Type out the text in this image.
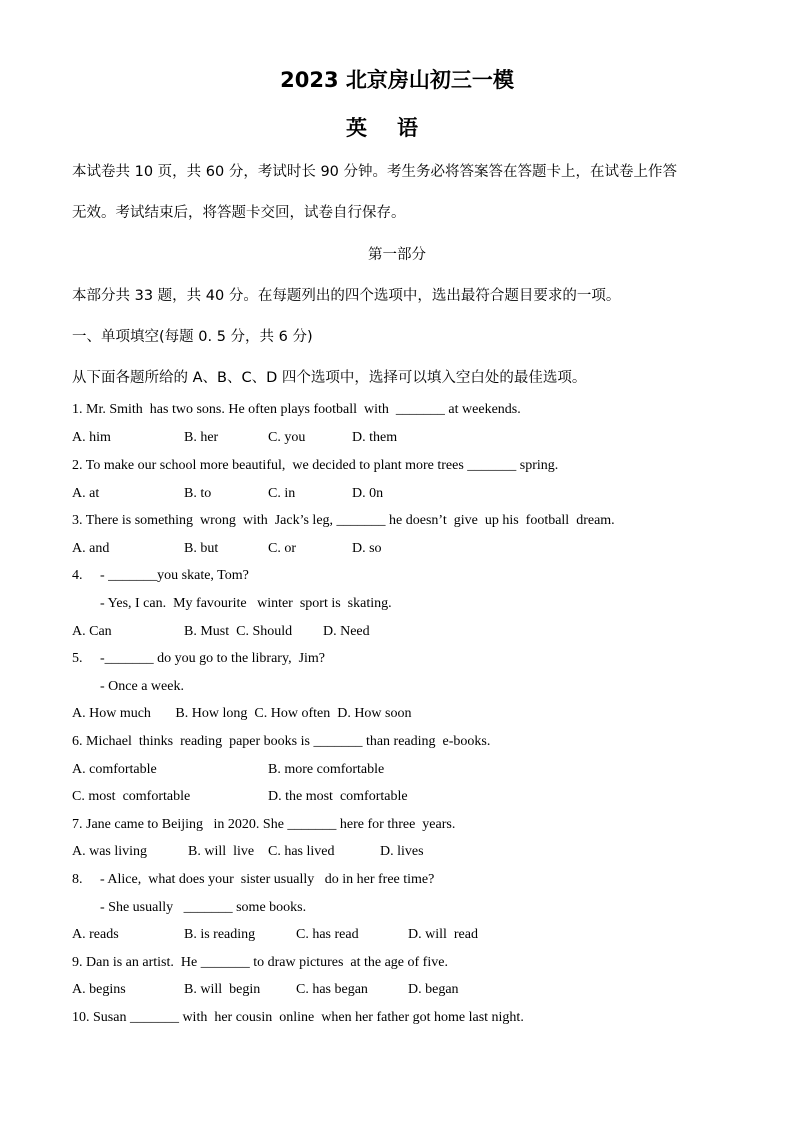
2023 北京房山初三一模
英语
本试卷共 10 页，共 60 分，考试时长 90 分钟。考生务必将答案答在答题卡上，在试卷上作答
无效。考试结束后，将答题卡交回，试卷自行保存。
第一部分
本部分共 33 题，共 40 分。在每题列出的四个选项中，选出最符合题目要求的一项。
一、单项填空(每题 0. 5 分，共 6 分)
从下面各题所给的 A、B、C、D 四个选项中，选择可以填入空白处的最佳选项。
1. Mr. Smith  has two sons. He often plays football  with  _______ at weekends.
A. him	B. her	C. you	D. them
2. To make our school more beautiful,  we decided to plant more trees _______ spring.
A. at	B. to	C. in	D. 0n
3. There is something  wrong  with  Jack’s leg, _______ he doesn’t  give  up his  football  dream.
A. and	B. but	C. or	D. so
4.     - _______you skate, Tom?
- Yes, I can.  My favourite   winter  sport is  skating.
A. Can	B. Must  C. Should D. Need
5.     -_______ do you go to the library,  Jim?
- Once a week.
A. How much       B. How long  C. How often  D. How soon
6. Michael  thinks  reading  paper books is _______ than reading  e-books.
A. comfortable	B. more comfortable
C. most  comfortable	D. the most  comfortable
7. Jane came to Beijing   in 2020. She _______ here for three  years.
A. was living	B. will  live C. has lived	D. lives
8.     - Alice,  what does your  sister usually   do in her free time?
- She usually   _______ some books.
A. reads	B. is reading	C. has read	D. will  read
9. Dan is an artist.  He _______ to draw pictures  at the age of five.
A. begins	B. will  begin	C. has began	D. began
10. Susan _______ with  her cousin  online  when her father got home last night.
